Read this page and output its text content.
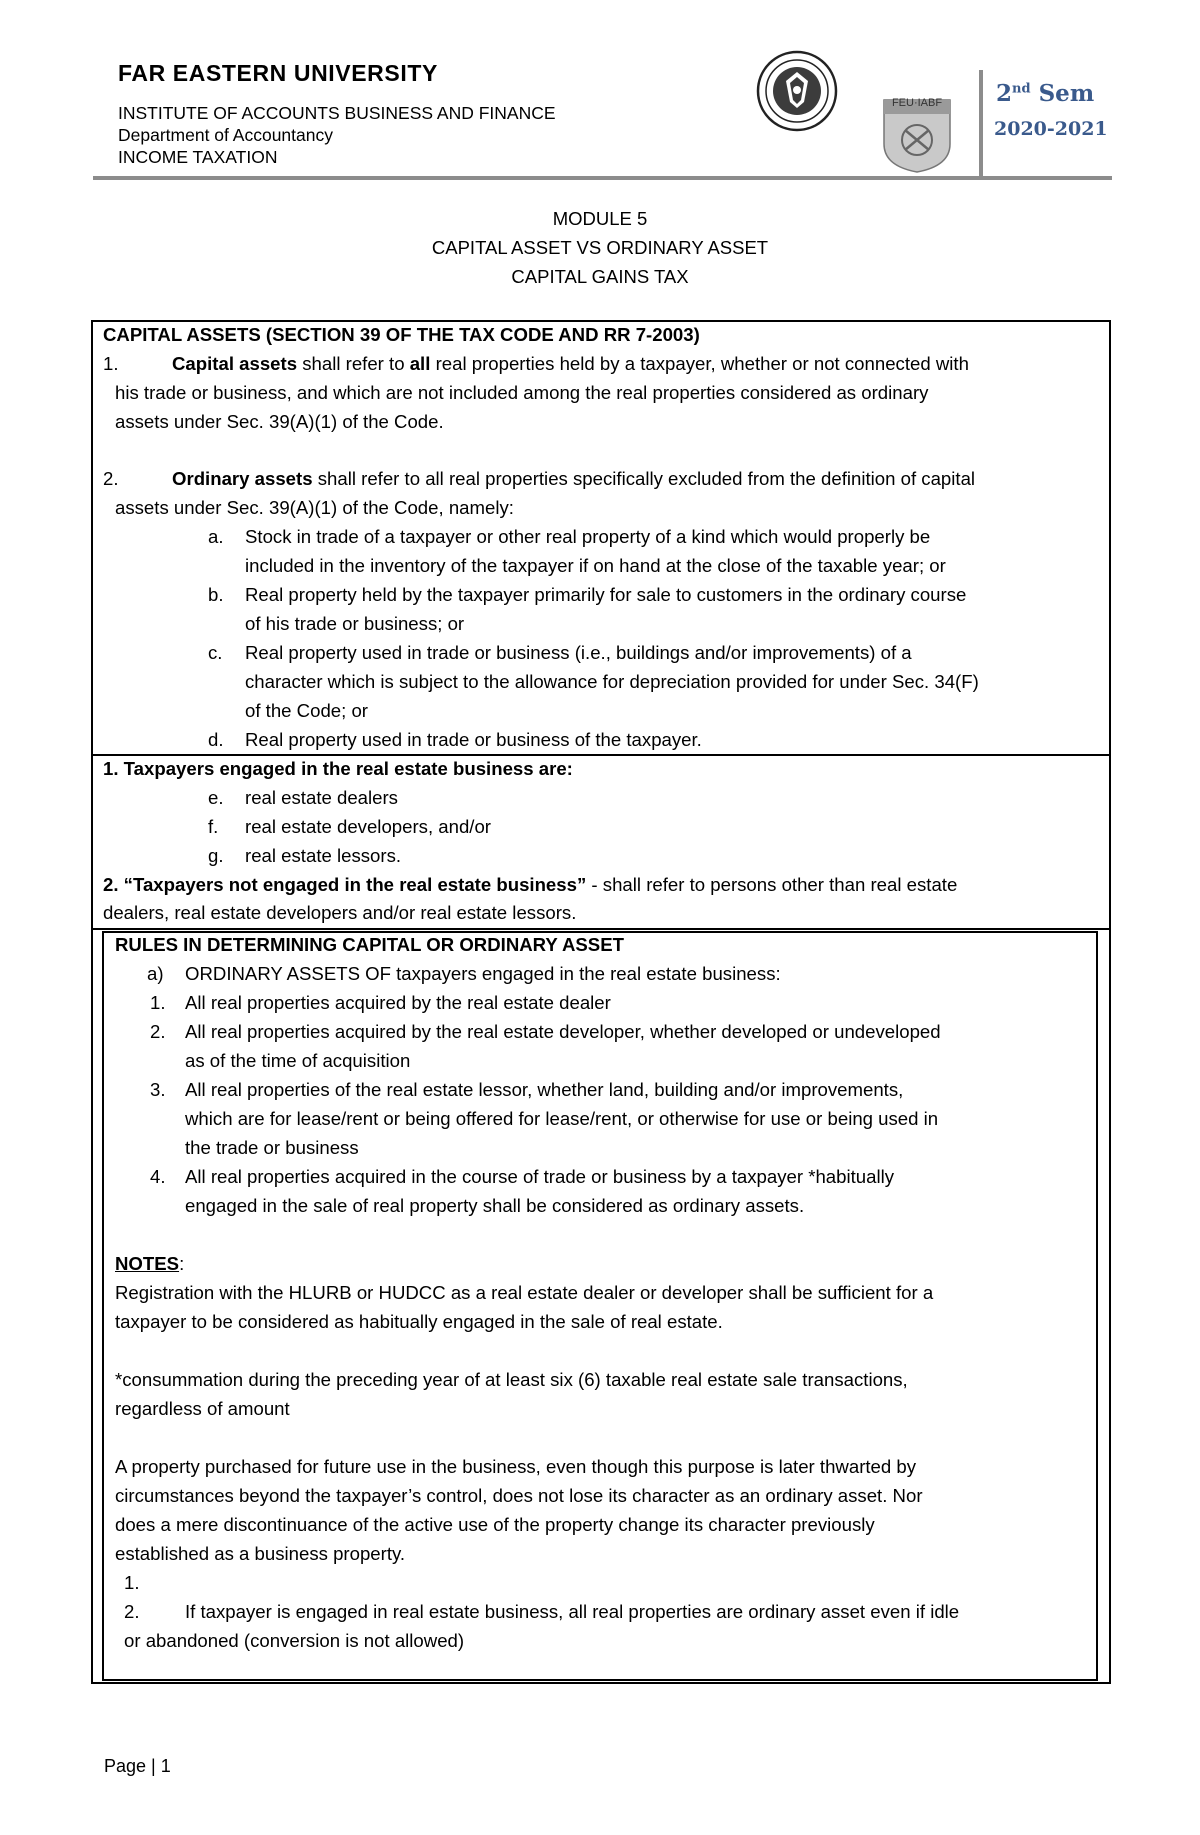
FAR EASTERN UNIVERSITY
INSTITUTE OF ACCOUNTS BUSINESS AND FINANCE
Department of Accountancy
INCOME TAXATION
FEU·IABF	2nd Sem
2020-2021
MODULE 5
CAPITAL ASSET VS ORDINARY ASSET
CAPITAL GAINS TAX
CAPITAL ASSETS (SECTION 39 OF THE TAX CODE AND RR 7-2003)
1.	Capital assets shall refer to all real properties held by a taxpayer, whether or not connected with
his trade or business, and which are not included among the real properties considered as ordinary
assets under Sec. 39(A)(1) of the Code.
2.	Ordinary assets shall refer to all real properties specifically excluded from the definition of capital
assets under Sec. 39(A)(1) of the Code, namely:
a. Stock in trade of a taxpayer or other real property of a kind which would properly be
included in the inventory of the taxpayer if on hand at the close of the taxable year; or
b. Real property held by the taxpayer primarily for sale to customers in the ordinary course
of his trade or business; or
c. Real property used in trade or business (i.e., buildings and/or improvements) of a
character which is subject to the allowance for depreciation provided for under Sec. 34(F)
of the Code; or
d. Real property used in trade or business of the taxpayer.
1. Taxpayers engaged in the real estate business are:
e. real estate dealers
f. real estate developers, and/or
g. real estate lessors.
2. “Taxpayers not engaged in the real estate business” - shall refer to persons other than real estate
dealers, real estate developers and/or real estate lessors.
RULES IN DETERMINING CAPITAL OR ORDINARY ASSET
a) ORDINARY ASSETS OF taxpayers engaged in the real estate business:
1. All real properties acquired by the real estate dealer
2. All real properties acquired by the real estate developer, whether developed or undeveloped
as of the time of acquisition
3. All real properties of the real estate lessor, whether land, building and/or improvements,
which are for lease/rent or being offered for lease/rent, or otherwise for use or being used in
the trade or business
4. All real properties acquired in the course of trade or business by a taxpayer *habitually
engaged in the sale of real property shall be considered as ordinary assets.
NOTES:
Registration with the HLURB or HUDCC as a real estate dealer or developer shall be sufficient for a
taxpayer to be considered as habitually engaged in the sale of real estate.
*consummation during the preceding year of at least six (6) taxable real estate sale transactions,
regardless of amount
A property purchased for future use in the business, even though this purpose is later thwarted by
circumstances beyond the taxpayer’s control, does not lose its character as an ordinary asset. Nor
does a mere discontinuance of the active use of the property change its character previously
established as a business property.
1.
2. If taxpayer is engaged in real estate business, all real properties are ordinary asset even if idle
or abandoned (conversion is not allowed)
Page | 1
